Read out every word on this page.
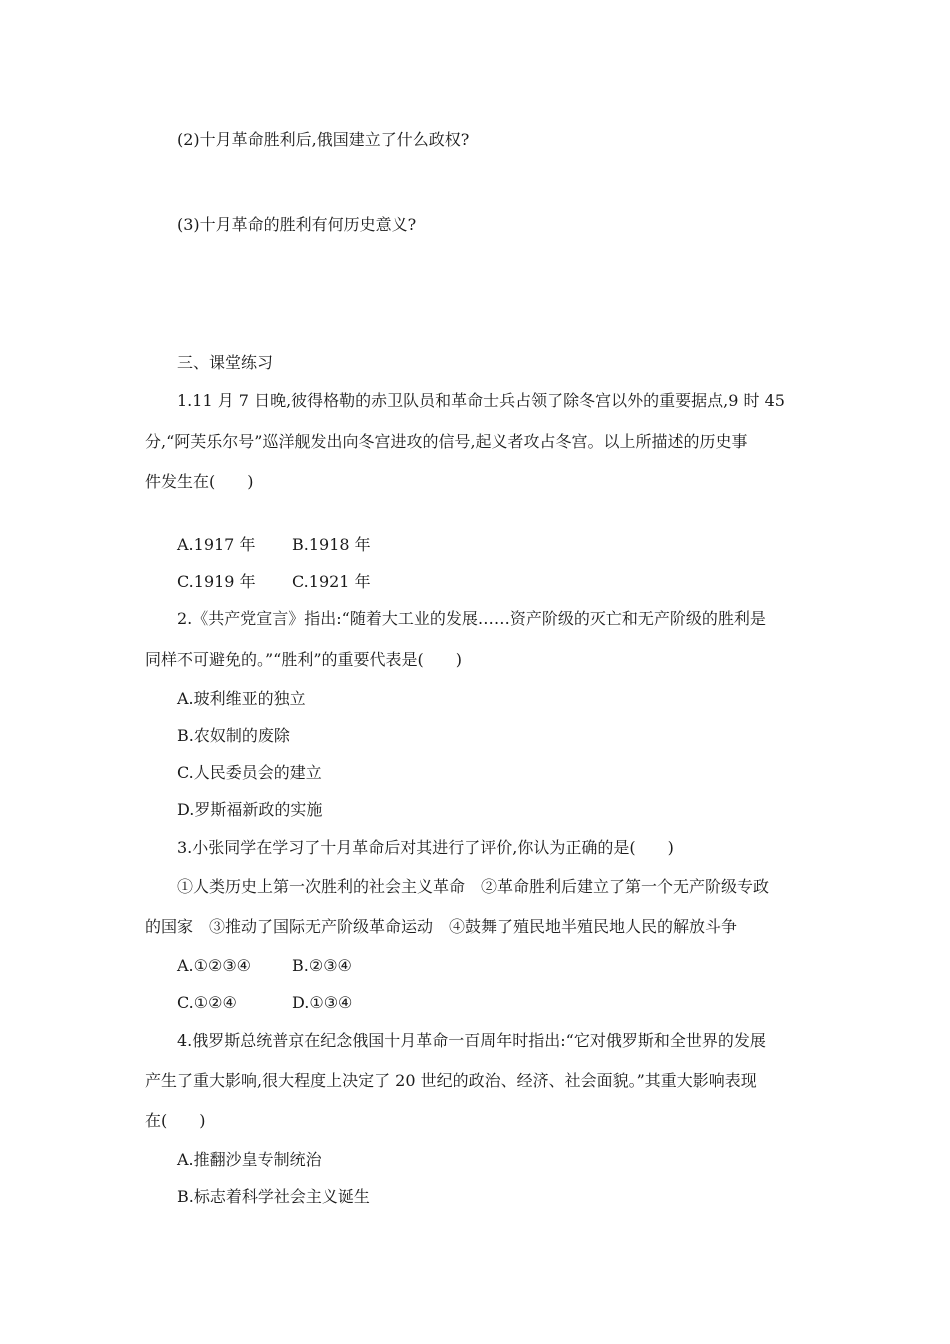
(2)十月革命胜利后,俄国建立了什么政权?
(3)十月革命的胜利有何历史意义?
三、课堂练习
1.11 月 7 日晚,彼得格勒的赤卫队员和革命士兵占领了除冬宫以外的重要据点,9 时 45
分,“阿芙乐尔号”巡洋舰发出向冬宫进攻的信号,起义者攻占冬宫。以上所描述的历史事
件发生在(　　)
A.1917 年 B.1918 年
C.1919 年 C.1921 年
2.《共产党宣言》指出:“随着大工业的发展……资产阶级的灭亡和无产阶级的胜利是
同样不可避免的。”“胜利”的重要代表是(　　)
A.玻利维亚的独立
B.农奴制的废除
C.人民委员会的建立
D.罗斯福新政的实施
3.小张同学在学习了十月革命后对其进行了评价,你认为正确的是(　　)
①人类历史上第一次胜利的社会主义革命　②革命胜利后建立了第一个无产阶级专政
的国家　③推动了国际无产阶级革命运动　④鼓舞了殖民地半殖民地人民的解放斗争
A.①②③④	B.②③④
C.①②④	D.①③④
4.俄罗斯总统普京在纪念俄国十月革命一百周年时指出:“它对俄罗斯和全世界的发展
产生了重大影响,很大程度上决定了 20 世纪的政治、经济、社会面貌。”其重大影响表现
在(　　)
A.推翻沙皇专制统治
B.标志着科学社会主义诞生
